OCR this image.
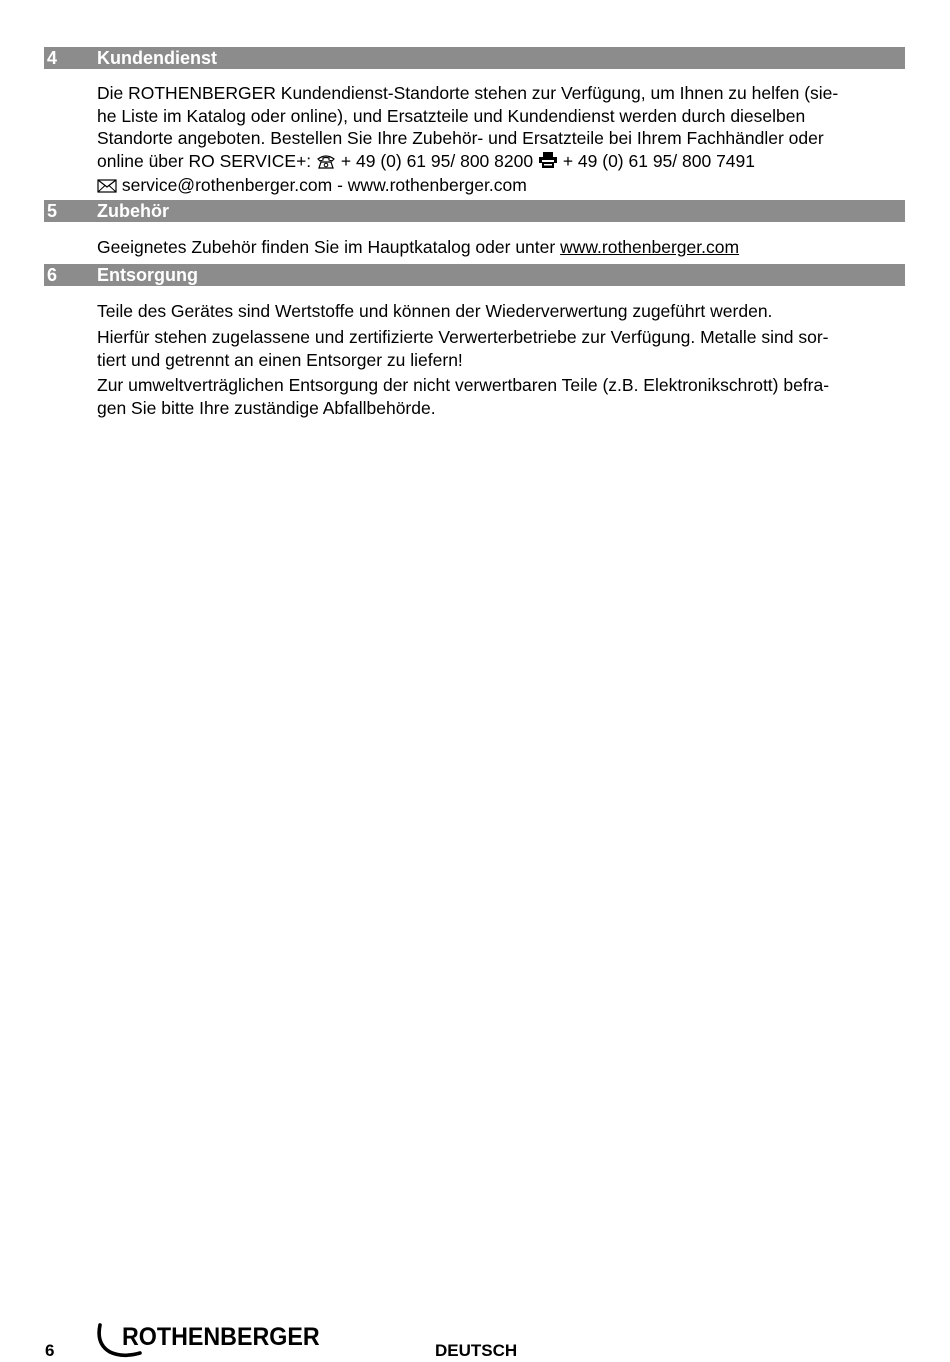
4 Kundendienst
Die ROTHENBERGER Kundendienst-Standorte stehen zur Verfügung, um Ihnen zu helfen (sie-
he Liste im Katalog oder online), und Ersatzteile und Kundendienst werden durch dieselben
Standorte angeboten. Bestellen Sie Ihre Zubehör- und Ersatzteile bei Ihrem Fachhändler oder
online über RO SERVICE+:  + 49 (0) 61 95/ 800 8200 + 49 (0) 61 95/ 800 7491
service@rothenberger.com - www.rothenberger.com
5 Zubehör
Geeignetes Zubehör finden Sie im Hauptkatalog oder unter www.rothenberger.com
6 Entsorgung
Teile des Gerätes sind Wertstoffe und können der Wiederverwertung zugeführt werden.
Hierfür stehen zugelassene und zertifizierte Verwerterbetriebe zur Verfügung. Metalle sind sor-
tiert und getrennt an einen Entsorger zu liefern!
Zur umweltverträglichen Entsorgung der nicht verwertbaren Teile (z.B. Elektronikschrott) befra-
gen Sie bitte Ihre zuständige Abfallbehörde.
6	ROTHENBERGER	DEUTSCH
